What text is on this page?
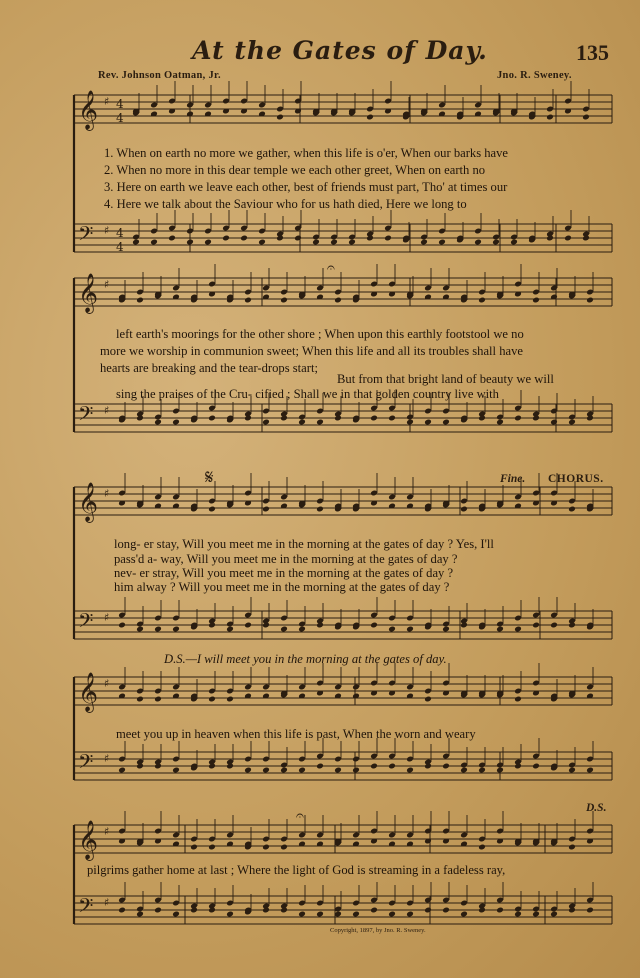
At the Gates of Day.	135
Rev. Johnson Oatman, Jr.	Jno. R. Sweney.
𝄞
𝄢
♯
♯
4
4
4
4
𝄞
𝄢
♯
♯
𝄞
𝄢
♯
♯
𝄞
𝄢
♯
♯
𝄞
𝄢
♯
♯
𝄋
𝄐
𝄐
1. When on earth no more we gather, when this life is o'er, When our barks have
2. When no more in this dear temple we each other greet, When on earth no
3. Here on earth we leave each other, best of friends must part, Tho' at times our
4. Here we talk about the Saviour who for us hath died, Here we long to
left earth's moorings for the other shore ; When upon this earthly footstool we no
more we worship in communion sweet; When this life and all its troubles shall have
hearts are breaking and the tear-drops start;
But from that bright land of beauty we will
sing the praises of the Cru- cified ; Shall we in that golden country live with
Fine. CHORUS.
long- er stay, Will you meet me in the morning at the gates of day ? Yes, I'll
pass'd a- way, Will you meet me in the morning at the gates of day ?
nev- er stray, Will you meet me in the morning at the gates of day ?
him alway ? Will you meet me in the morning at the gates of day ?
D.S.—I will meet you in the morning at the gates of day.
meet you up in heaven when this life is past, When the worn and weary
D.S.
pilgrims gather home at last ; Where the light of God is streaming in a fadeless ray,
Copyright, 1897, by Jno. R. Sweney.
